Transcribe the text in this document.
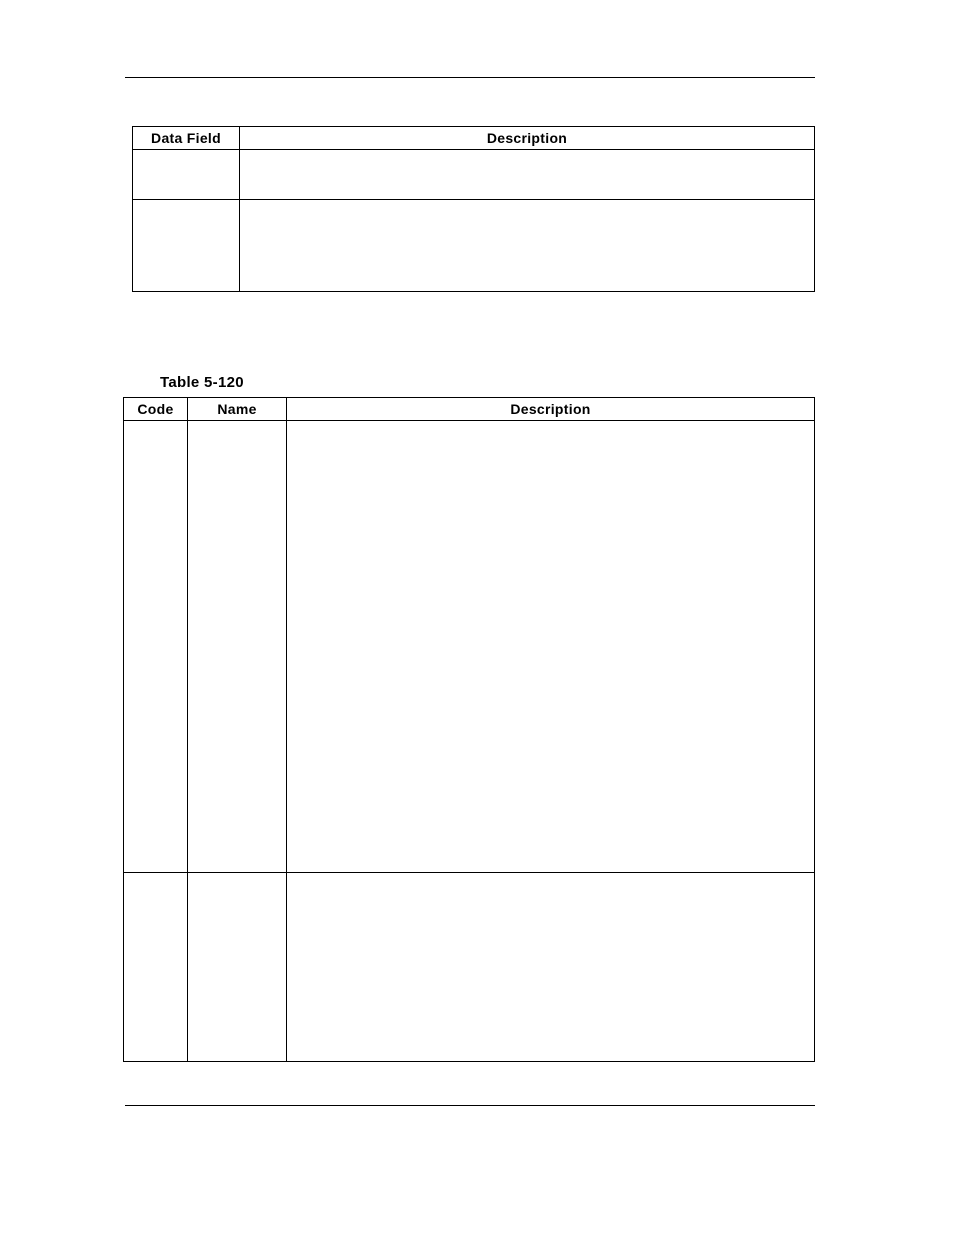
Data Field	Description

Table 5-120
Code	Name	Description
